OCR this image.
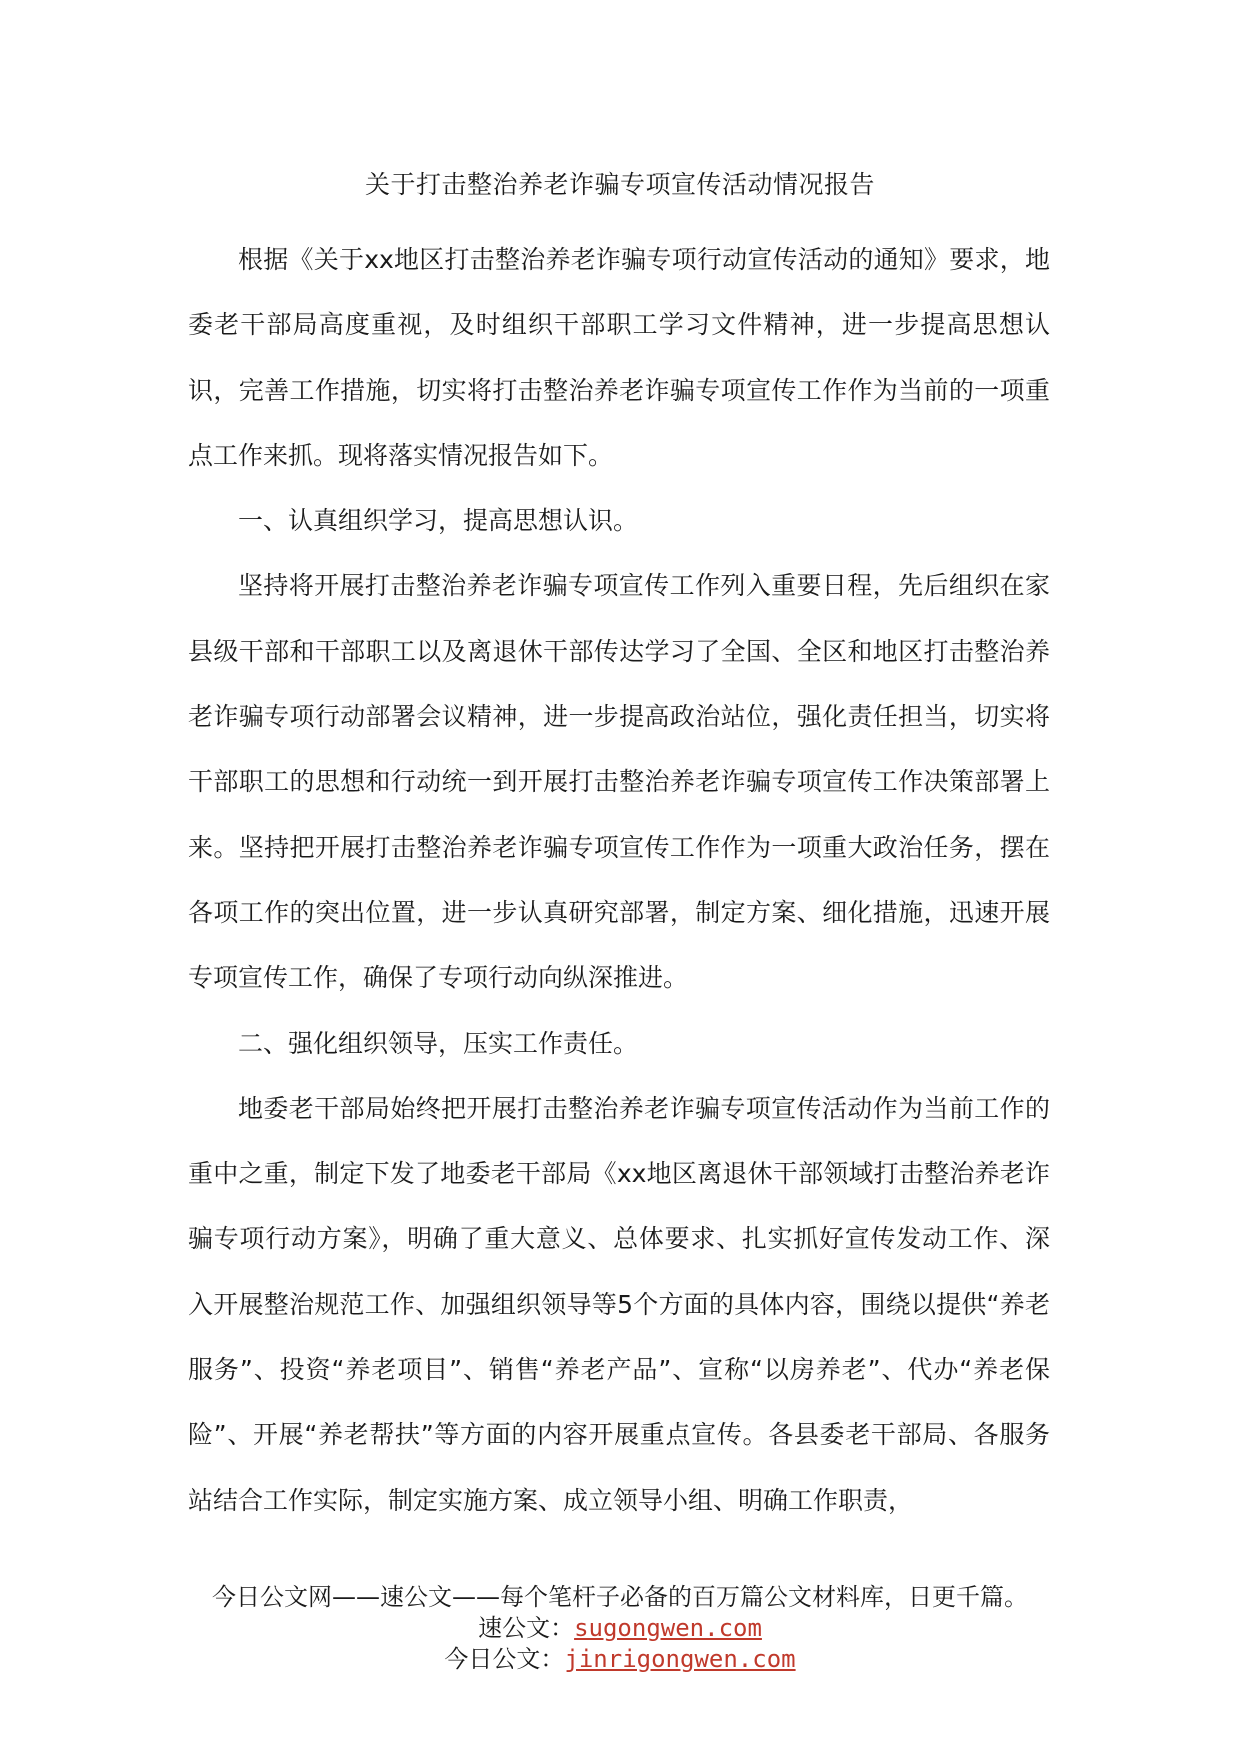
关于打击整治养老诈骗专项宣传活动情况报告

根据《关于xx地区打击整治养老诈骗专项行动宣传活动的通知》要求，地委老干部局高度重视，及时组织干部职工学习文件精神，进一步提高思想认识，完善工作措施，切实将打击整治养老诈骗专项宣传工作作为当前的一项重点工作来抓。现将落实情况报告如下。

一、认真组织学习，提高思想认识。

坚持将开展打击整治养老诈骗专项宣传工作列入重要日程，先后组织在家县级干部和干部职工以及离退休干部传达学习了全国、全区和地区打击整治养老诈骗专项行动部署会议精神，进一步提高政治站位，强化责任担当，切实将干部职工的思想和行动统一到开展打击整治养老诈骗专项宣传工作决策部署上来。坚持把开展打击整治养老诈骗专项宣传工作作为一项重大政治任务，摆在各项工作的突出位置，进一步认真研究部署，制定方案、细化措施，迅速开展专项宣传工作，确保了专项行动向纵深推进。

二、强化组织领导，压实工作责任。

地委老干部局始终把开展打击整治养老诈骗专项宣传活动作为当前工作的重中之重，制定下发了地委老干部局《xx地区离退休干部领域打击整治养老诈骗专项行动方案》，明确了重大意义、总体要求、扎实抓好宣传发动工作、深入开展整治规范工作、加强组织领导等5个方面的具体内容，围绕以提供“养老服务”、投资“养老项目”、销售“养老产品”、宣称“以房养老”、代办“养老保险”、开展“养老帮扶”等方面的内容开展重点宣传。各县委老干部局、各服务站结合工作实际，制定实施方案、成立领导小组、明确工作职责，

今日公文网——速公文——每个笔杆子必备的百万篇公文材料库，日更千篇。
速公文：sugongwen.com
今日公文：jinrigongwen.com
